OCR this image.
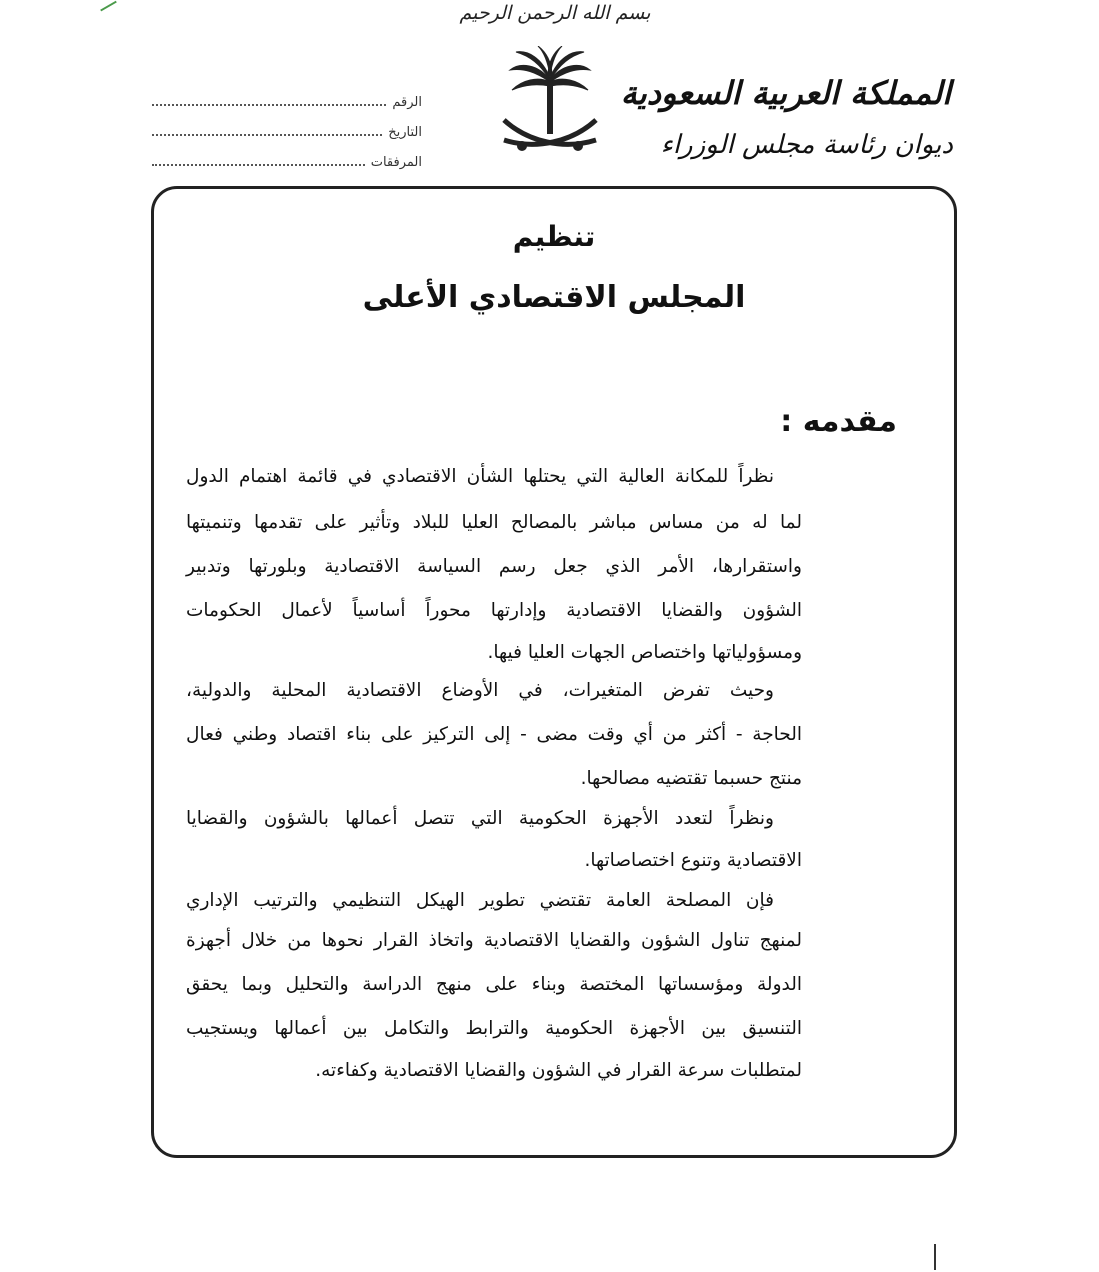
بسم الله الرحمن الرحيم
المملكة العربية السعودية
ديوان رئاسة مجلس الوزراء
الرقم
التاريخ
المرفقات
تنظيم
المجلس الاقتصادي الأعلى
مقدمه :
نظراً للمكانة العالية التي يحتلها الشأن الاقتصادي في قائمة اهتمام الدول
لما له من مساس مباشر بالمصالح العليا للبلاد وتأثير على تقدمها وتنميتها
واستقرارها، الأمر الذي جعل رسم السياسة الاقتصادية وبلورتها وتدبير
الشؤون والقضايا الاقتصادية وإدارتها محوراً أساسياً لأعمال الحكومات
ومسؤولياتها واختصاص الجهات العليا فيها.
وحيث تفرض المتغيرات، في الأوضاع الاقتصادية المحلية والدولية،
الحاجة - أكثر من أي وقت مضى - إلى التركيز على بناء اقتصاد وطني فعال
منتج حسبما تقتضيه مصالحها.
ونظراً لتعدد الأجهزة الحكومية التي تتصل أعمالها بالشؤون والقضايا
الاقتصادية وتنوع اختصاصاتها.
فإن المصلحة العامة تقتضي تطوير الهيكل التنظيمي والترتيب الإداري
لمنهج تناول الشؤون والقضايا الاقتصادية واتخاذ القرار نحوها من خلال أجهزة
الدولة ومؤسساتها المختصة وبناء على منهج الدراسة والتحليل وبما يحقق
التنسيق بين الأجهزة الحكومية والترابط والتكامل بين أعمالها ويستجيب
لمتطلبات سرعة القرار في الشؤون والقضايا الاقتصادية وكفاءته.
